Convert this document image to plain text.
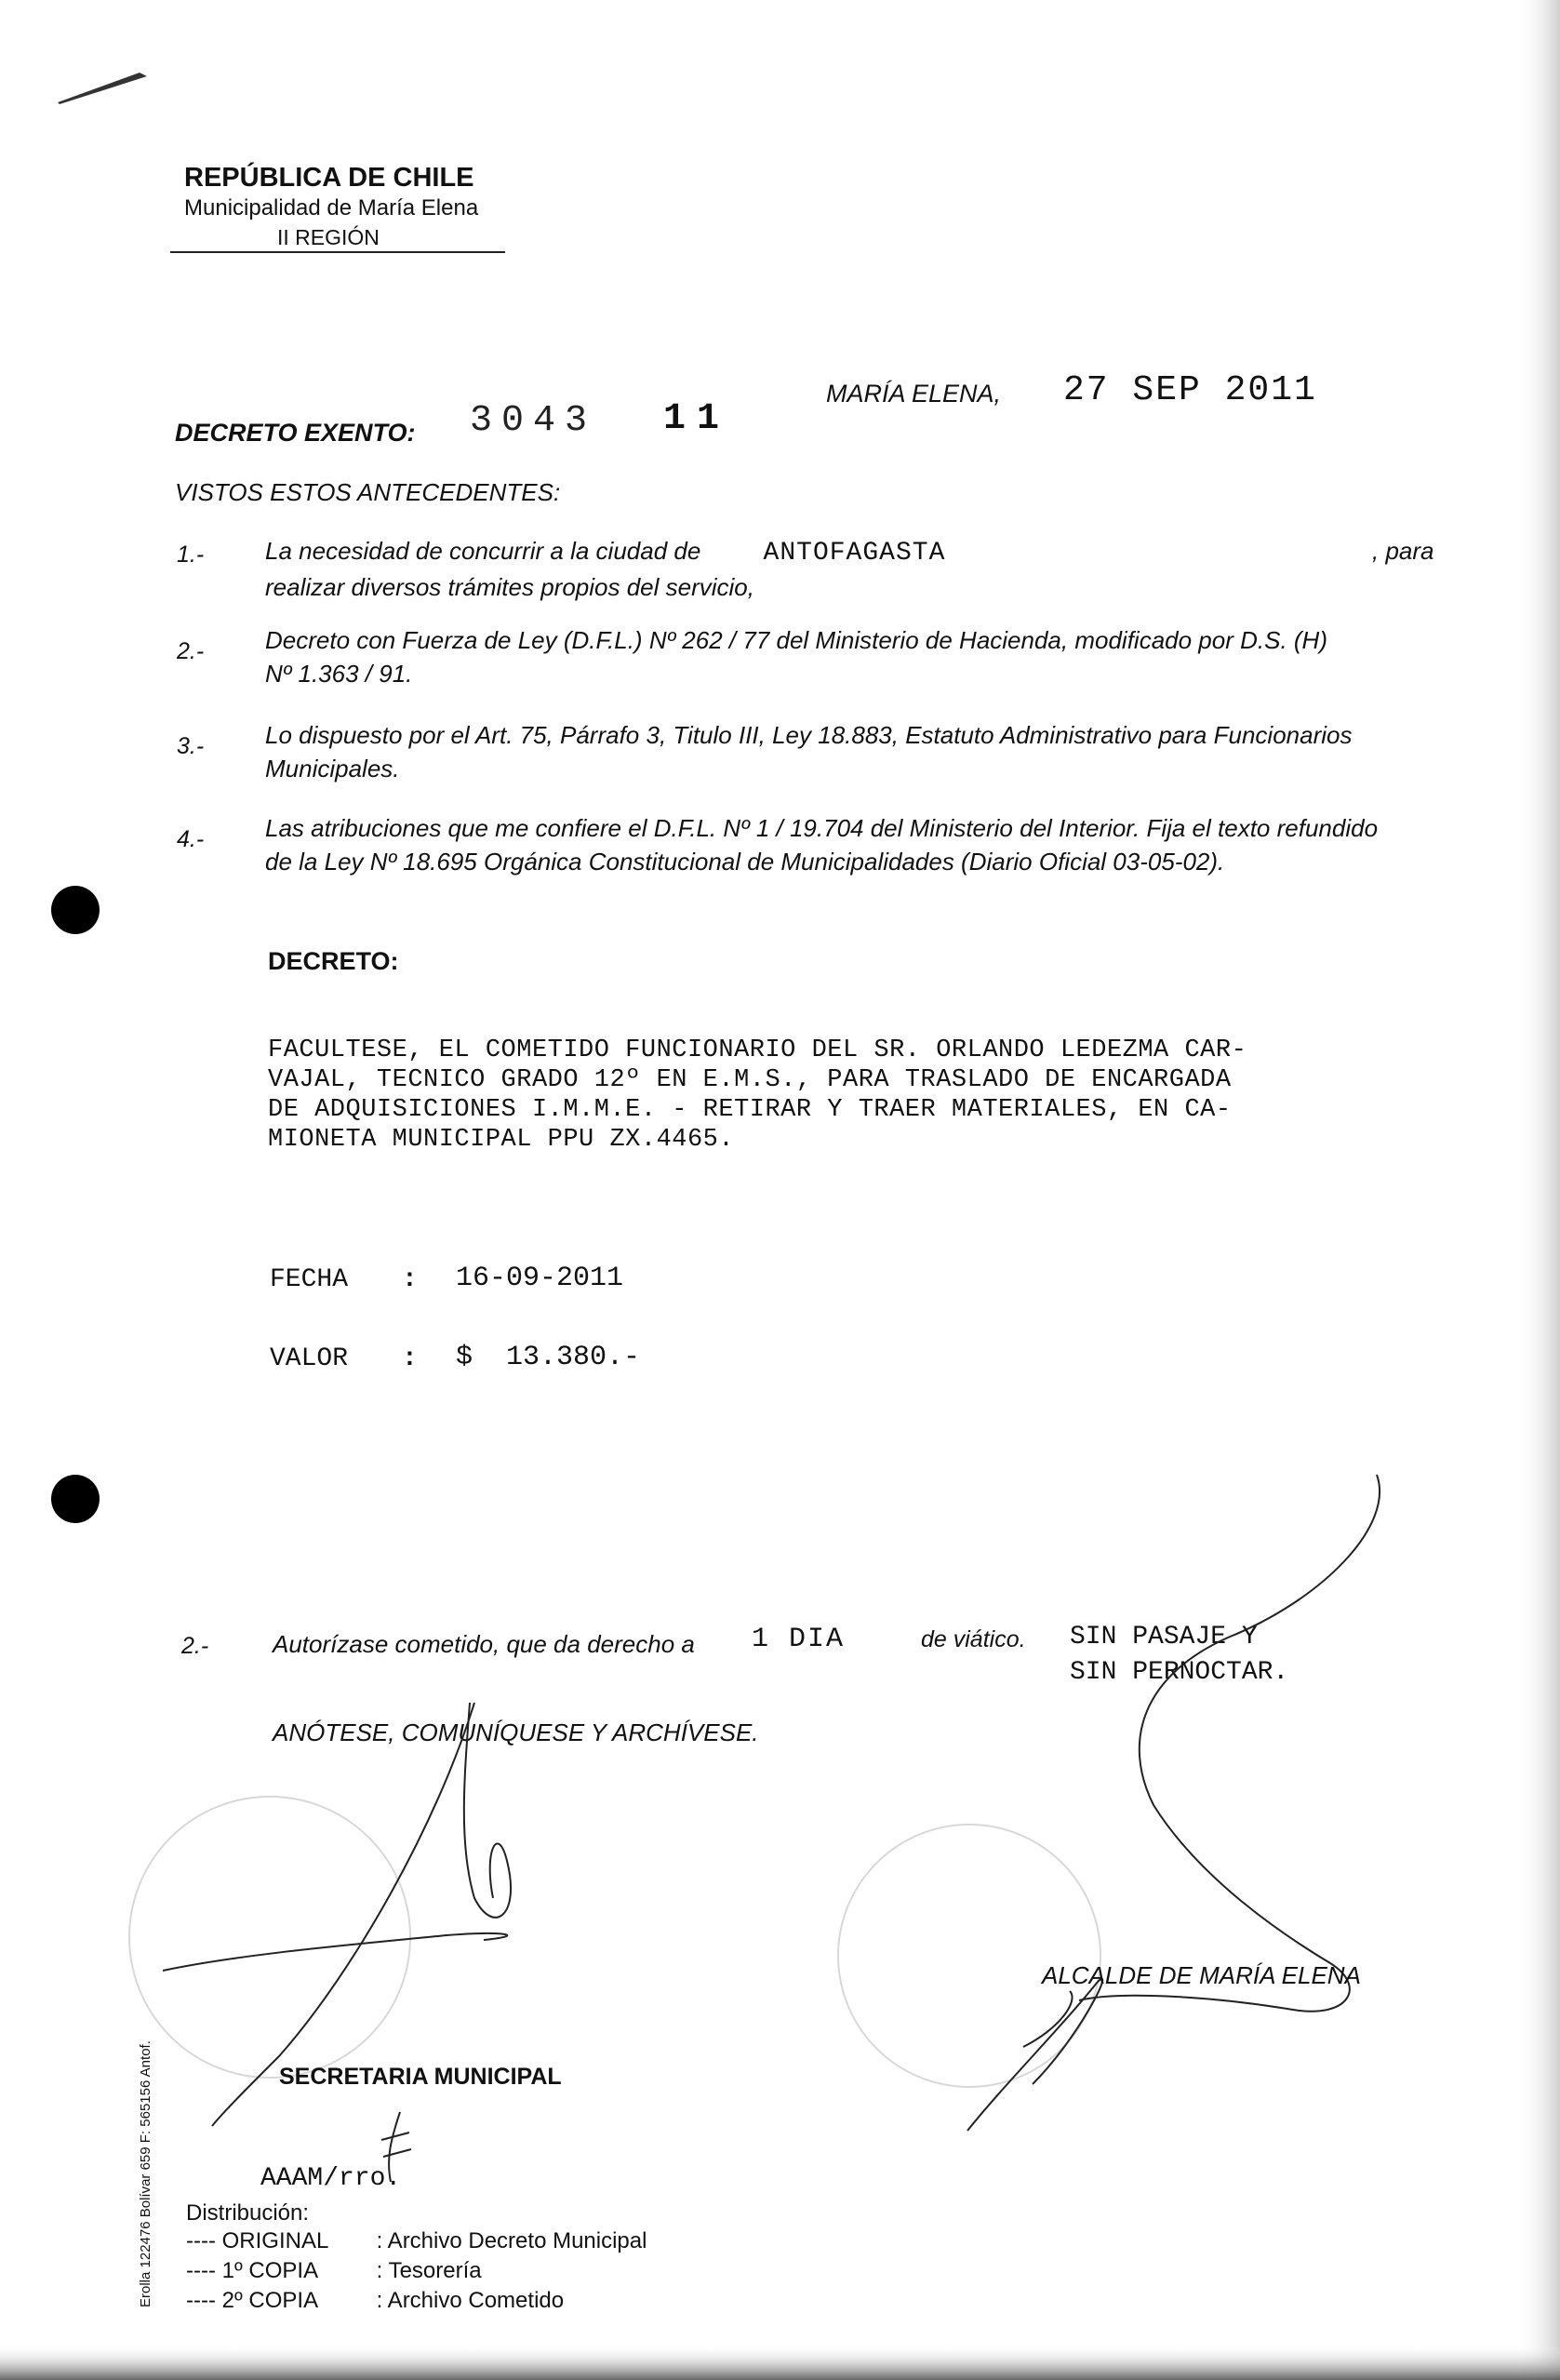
REPÚBLICA DE CHILE
Municipalidad de María Elena
II REGIÓN
DECRETO EXENTO: 3043 11
MARÍA ELENA, 27 SEP 2011
VISTOS ESTOS ANTECEDENTES:
1.-	La necesidad de concurrir a la ciudad de ANTOFAGASTA	, para

realizar diversos trámites propios del servicio,
2.-	Decreto con Fuerza de Ley (D.F.L.) Nº 262 / 77 del Ministerio de Hacienda, modificado por D.S. (H)
Nº 1.363 / 91.
3.-	Lo dispuesto por el Art. 75, Párrafo 3, Titulo III, Ley 18.883, Estatuto Administrativo para Funcionarios
Municipales.
4.-	Las atribuciones que me confiere el D.F.L. Nº 1 / 19.704 del Ministerio del Interior. Fija el texto refundido
de la Ley Nº 18.695 Orgánica Constitucional de Municipalidades (Diario Oficial 03-05-02).
DECRETO:
FACULTESE, EL COMETIDO FUNCIONARIO DEL SR. ORLANDO LEDEZMA CAR-
VAJAL, TECNICO GRADO 12º EN E.M.S., PARA TRASLADO DE ENCARGADA
DE ADQUISICIONES I.M.M.E. - RETIRAR Y TRAER MATERIALES, EN CA-
MIONETA MUNICIPAL PPU ZX.4465.
FECHA : 16-09-2011
VALOR : $  13.380.-
2.-	Autorízase cometido, que da derecho a 1 DIA	de viático. SIN PASAJE Y
SIN PERNOCTAR.
ANÓTESE, COMUNÍQUESE Y ARCHÍVESE.
ALCALDE DE MARÍA ELENA
SECRETARIA MUNICIPAL
AAAM/rro.
Distribución:
---- ORIGINAL : Archivo Decreto Municipal
---- 1º COPIA	: Tesorería
---- 2º COPIA	: Archivo Cometido
Erolla 122476 Bolívar 659 F: 565156 Antof.
